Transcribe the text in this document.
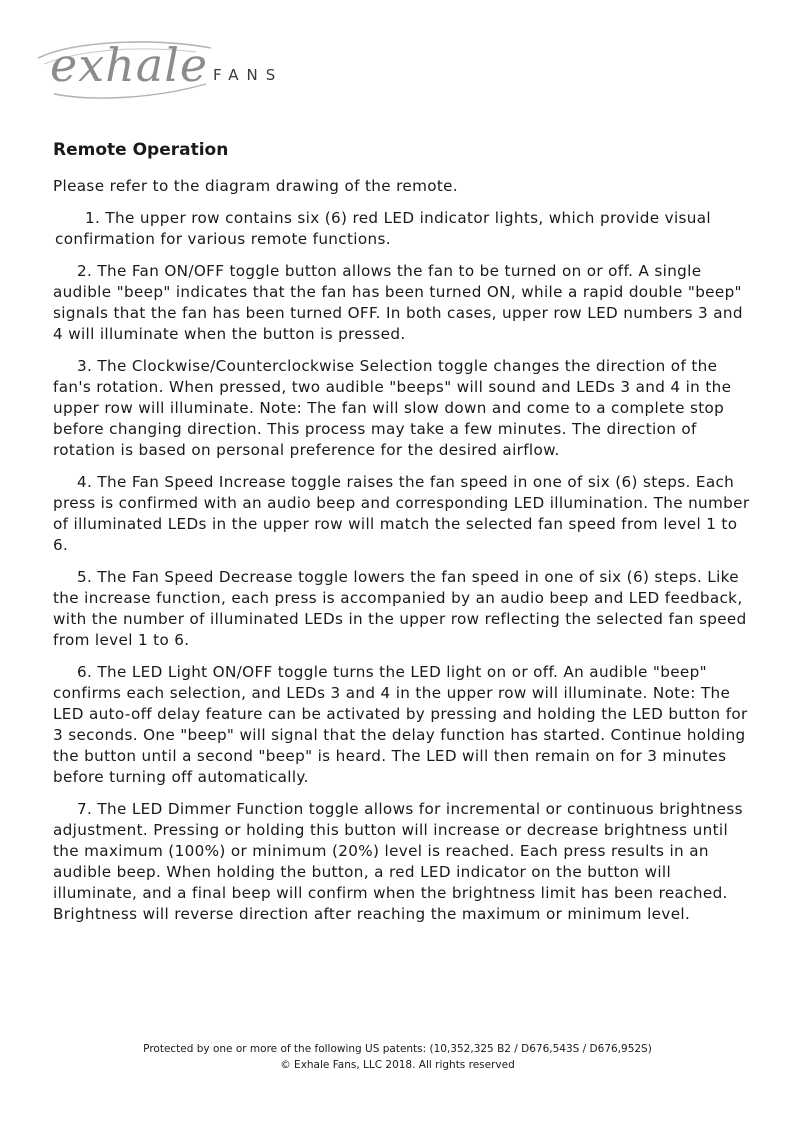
exhale FANS
Remote Operation

Please refer to the diagram drawing of the remote.

1. The upper row contains six (6) red LED indicator lights, which provide visual confirmation for various remote functions.

2. The Fan ON/OFF toggle button allows the fan to be turned on or off. A single audible "beep" indicates that the fan has been turned ON, while a rapid double "beep" signals that the fan has been turned OFF. In both cases, upper row LED numbers 3 and 4 will illuminate when the button is pressed.

3. The Clockwise/Counterclockwise Selection toggle changes the direction of the fan's rotation. When pressed, two audible "beeps" will sound and LEDs 3 and 4 in the upper row will illuminate. Note: The fan will slow down and come to a complete stop before changing direction. This process may take a few minutes. The direction of rotation is based on personal preference for the desired airflow.

4. The Fan Speed Increase toggle raises the fan speed in one of six (6) steps. Each press is confirmed with an audio beep and corresponding LED illumination. The number of illuminated LEDs in the upper row will match the selected fan speed from level 1 to 6.

5. The Fan Speed Decrease toggle lowers the fan speed in one of six (6) steps. Like the increase function, each press is accompanied by an audio beep and LED feedback, with the number of illuminated LEDs in the upper row reflecting the selected fan speed from level 1 to 6.

6. The LED Light ON/OFF toggle turns the LED light on or off. An audible "beep" confirms each selection, and LEDs 3 and 4 in the upper row will illuminate. Note: The LED auto-off delay feature can be activated by pressing and holding the LED button for 3 seconds. One "beep" will signal that the delay function has started. Continue holding the button until a second "beep" is heard. The LED will then remain on for 3 minutes before turning off automatically.

7. The LED Dimmer Function toggle allows for incremental or continuous brightness adjustment. Pressing or holding this button will increase or decrease brightness until the maximum (100%) or minimum (20%) level is reached. Each press results in an audible beep. When holding the button, a red LED indicator on the button will illuminate, and a final beep will confirm when the brightness limit has been reached. Brightness will reverse direction after reaching the maximum or minimum level.

Protected by one or more of the following US patents: (10,352,325 B2 / D676,543S / D676,952S)
© Exhale Fans, LLC 2018. All rights reserved
